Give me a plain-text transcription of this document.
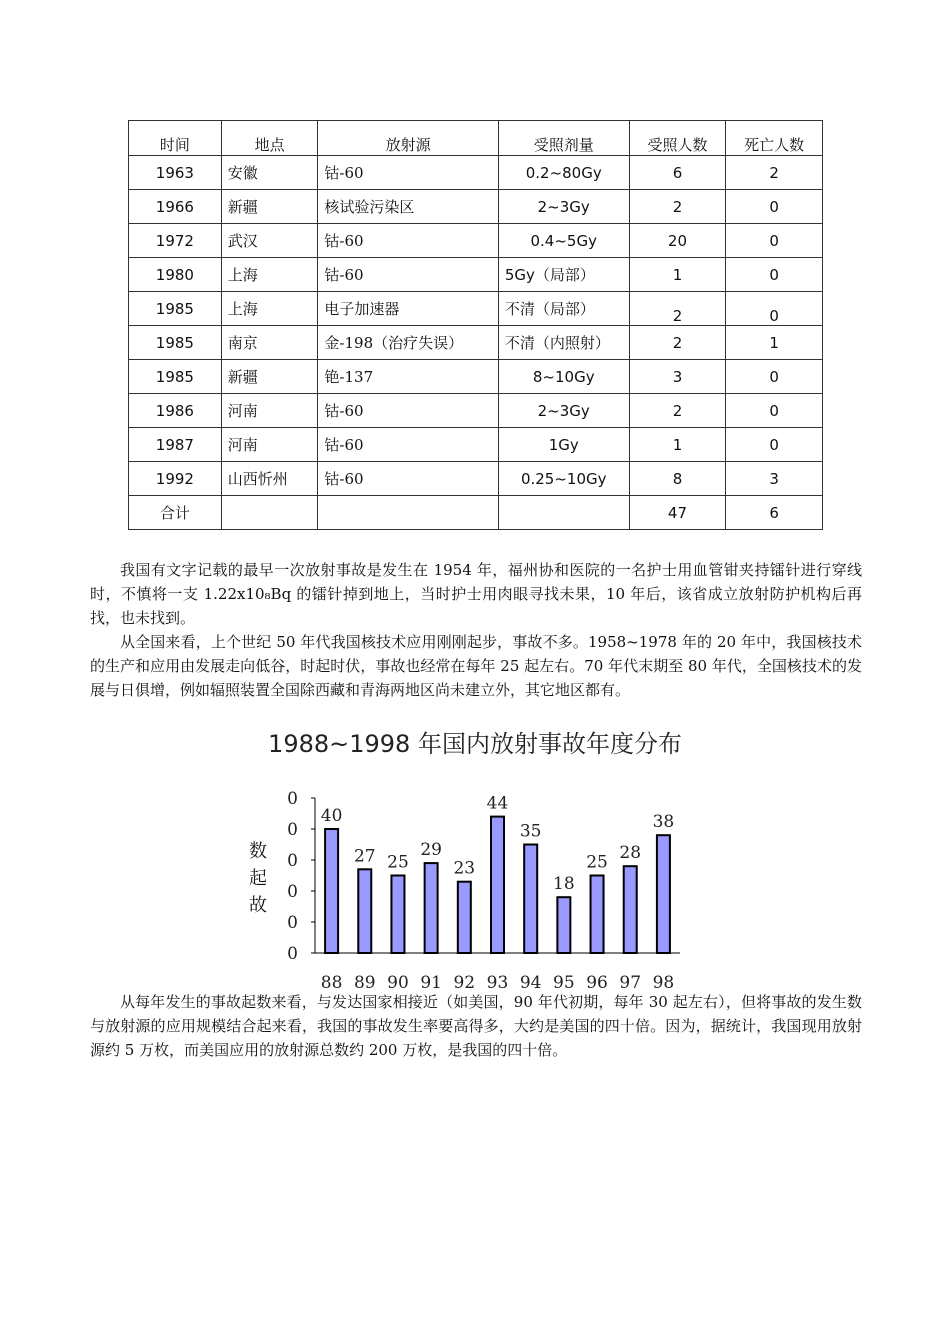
时间	地点	放射源	受照剂量	受照人数	死亡人数
1963	安徽	钴-60	0.2~80Gy	6	2
1966	新疆	核试验污染区	2~3Gy	2	0
1972	武汉	钴-60	0.4~5Gy	20	0
1980	上海	钴-60	5Gy（局部）	1	0
1985	上海	电子加速器	不清（局部）	2	0
1985	南京	金-198（治疗失误）	不清（内照射）	2	1
1985	新疆	铯-137	8~10Gy	3	0
1986	河南	钴-60	2~3Gy	2	0
1987	河南	钴-60	1Gy	1	0
1992	山西忻州	钴-60	0.25~10Gy	8	3
合计				47	6

我国有文字记载的最早一次放射事故是发生在 1954 年，福州协和医院的一名护士用血管钳夹持镭针进行穿线时，不慎将一支 1.22x10₈Bq 的镭针掉到地上，当时护士用肉眼寻找未果，10 年后，该省成立放射防护机构后再找，也未找到。

从全国来看，上个世纪 50 年代我国核技术应用刚刚起步，事故不多。1958~1978 年的 20 年中，我国核技术的生产和应用由发展走向低谷，时起时伏，事故也经常在每年 25 起左右。70 年代末期至 80 年代，全国核技术的发展与日俱增，例如辐照装置全国除西藏和青海两地区尚未建立外，其它地区都有。

1988~1998 年国内放射事故年度分布
数
起
故
0
0
0
0
0
0
40
88
27
89
25
90
29
91
23
92
44
93
35
94
18
95
25
96
28
97
38
98

从每年发生的事故起数来看，与发达国家相接近（如美国，90 年代初期，每年 30 起左右），但将事故的发生数与放射源的应用规模结合起来看，我国的事故发生率要高得多，大约是美国的四十倍。因为，据统计，我国现用放射源约 5 万枚，而美国应用的放射源总数约 200 万枚，是我国的四十倍。
